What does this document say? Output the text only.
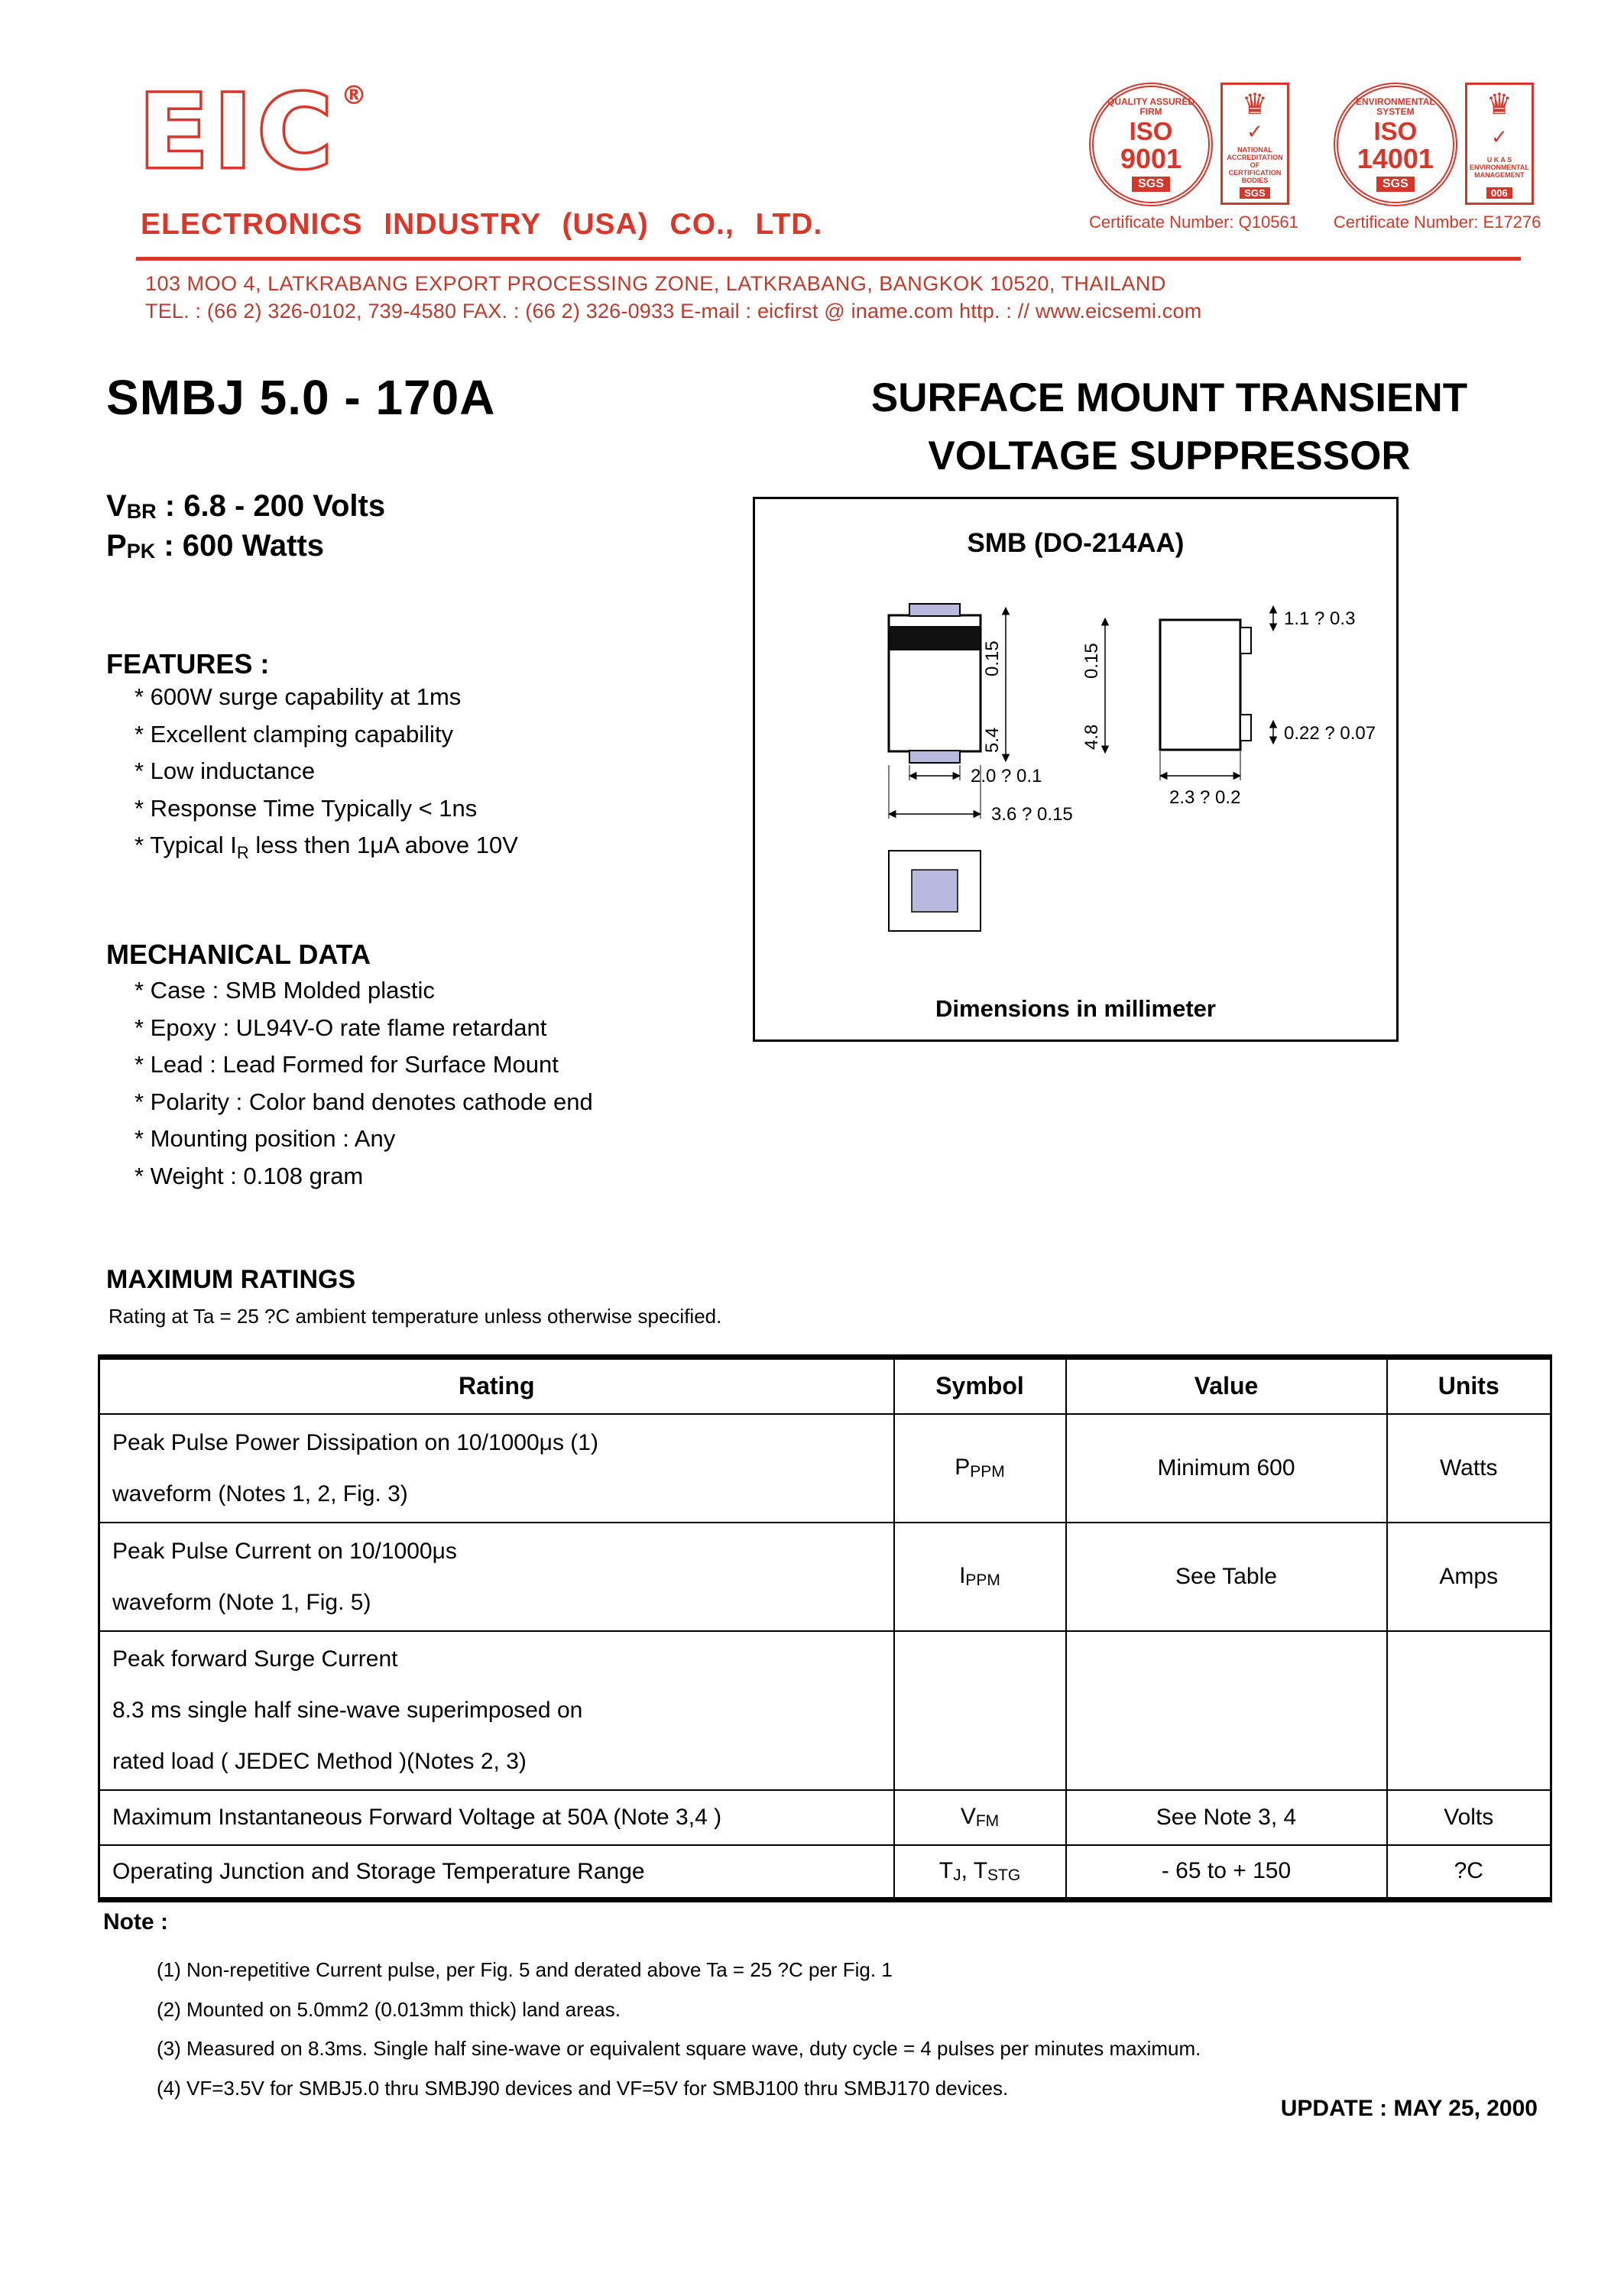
EIC ®
ELECTRONICS INDUSTRY (USA) CO., LTD.
103 MOO 4, LATKRABANG EXPORT PROCESSING ZONE, LATKRABANG, BANGKOK 10520, THAILAND
TEL. : (66 2) 326-0102, 739-4580 FAX. : (66 2) 326-0933 E-mail : eicfirst @ iname.com http. : // www.eicsemi.com
QUALITY ASSURED FIRM
ISO
9001
SGS
♛
✓
NATIONAL ACCREDITATION OF CERTIFICATION BODIES
SGS
Certificate Number: Q10561
ENVIRONMENTAL SYSTEM
ISO
14001
SGS
♛
✓
U K A S ENVIRONMENTAL MANAGEMENT
006
Certificate Number: E17276
SMBJ 5.0 - 170A	SURFACE MOUNT TRANSIENT
VOLTAGE SUPPRESSOR
$V_{BR}$ : 6.8 - 200 Volts
$P_{PK}$ : 600 Watts
FEATURES :
* 600W surge capability at 1ms
* Excellent clamping capability
* Low inductance
* Response Time Typically < 1ns
* Typical $I_R$ less then 1μA above 10V
MECHANICAL DATA
* Case : SMB Molded plastic
* Epoxy : UL94V-O rate flame retardant
* Lead : Lead Formed for Surface Mount
* Polarity : Color band denotes cathode end
* Mounting position : Any
* Weight : 0.108 gram
SMB (DO-214AA)
5.4
0.15
4.8
0.15
1.1 ? 0.3
0.22 ? 0.07
2.3 ? 0.2
2.0 ? 0.1
3.6 ? 0.15
Dimensions in millimeter
MAXIMUM RATINGS
Rating at Ta = 25 ?C ambient temperature unless otherwise specified.
Rating	Symbol	Value	Units

Peak Pulse Power Dissipation on 10/1000μs (1)
waveform (Notes 1, 2, Fig. 3)	$P_{PPM}$	Minimum 600	Watts

Peak Pulse Current on 10/1000μs
waveform (Note 1, Fig. 5)	$I_{PPM}$	See Table	Amps

Peak forward Surge Current
8.3 ms single half sine-wave superimposed on
rated load ( JEDEC Method )(Notes 2, 3)			

Maximum Instantaneous Forward Voltage at 50A (Note 3,4 )	$V_{FM}$	See Note 3, 4	Volts

Operating Junction and Storage Temperature Range	$T_J$, $T_{STG}$	- 65 to + 150	?C
Note :
(1) Non-repetitive Current pulse, per Fig. 5 and derated above Ta = 25 ?C per Fig. 1
(2) Mounted on 5.0mm2 (0.013mm thick) land areas.
(3) Measured on 8.3ms. Single half sine-wave or equivalent square wave, duty cycle = 4 pulses per minutes maximum.
(4) VF=3.5V for SMBJ5.0 thru SMBJ90 devices and VF=5V for SMBJ100 thru SMBJ170 devices.
UPDATE : MAY 25, 2000
